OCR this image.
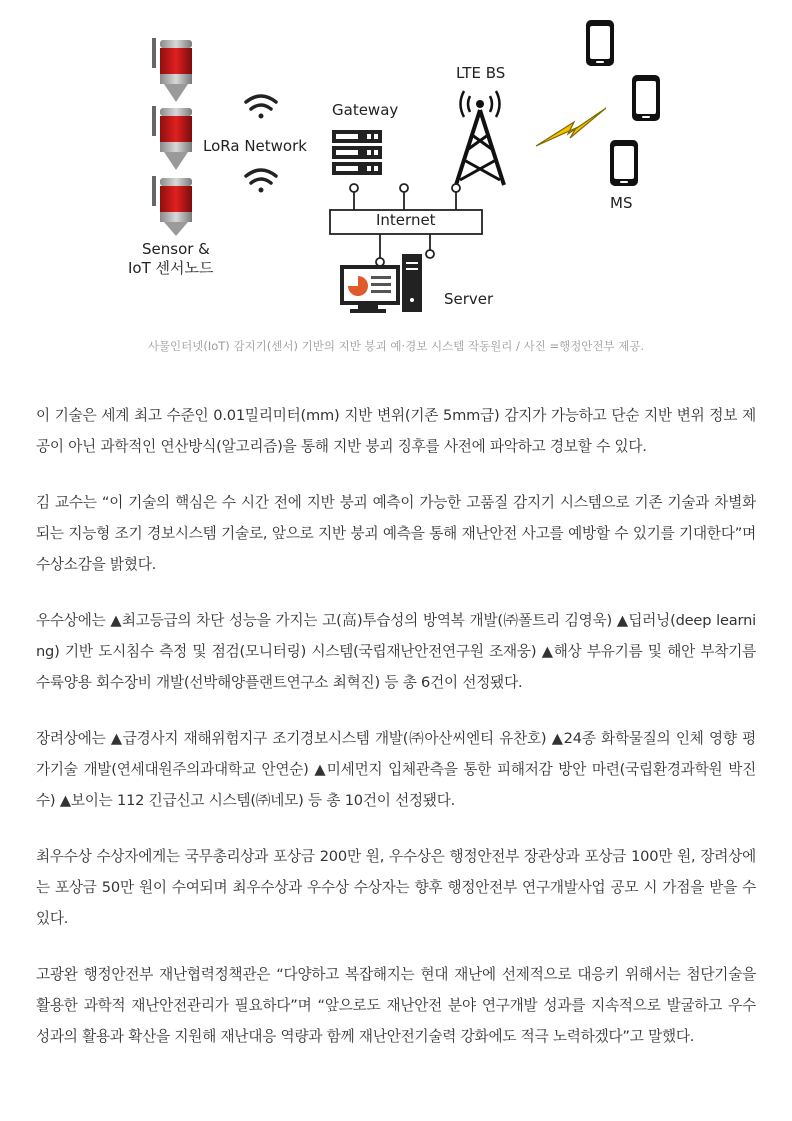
Sensor &
IoT 센서노드
LoRa Network
Gateway
LTE BS
Internet
MS
Server
사물인터넷(IoT) 감지기(센서) 기반의 지반 붕괴 예·경보 시스템 작동원리 / 사진 =행정안전부 제공.

이 기술은 세계 최고 수준인 0.01밀리미터(mm) 지반 변위(기존 5mm급) 감지가 가능하고 단순 지반 변위 정보 제공이 아닌 과학적인 연산방식(알고리즘)을 통해 지반 붕괴 징후를 사전에 파악하고 경보할 수 있다.

김 교수는 “이 기술의 핵심은 수 시간 전에 지반 붕괴 예측이 가능한 고품질 감지기 시스템으로 기존 기술과 차별화되는 지능형 조기 경보시스템 기술로, 앞으로 지반 붕괴 예측을 통해 재난안전 사고를 예방할 수 있기를 기대한다”며 수상소감을 밝혔다.

우수상에는 ▲최고등급의 차단 성능을 가지는 고(高)투습성의 방역복 개발(㈜폴트리 김영욱) ▲딥러닝(deep learning) 기반 도시침수 측정 및 점검(모니터링) 시스템(국립재난안전연구원 조재웅) ▲해상 부유기름 및 해안 부착기름 수륙양용 회수장비 개발(선박해양플랜트연구소 최혁진) 등 총 6건이 선정됐다.

장려상에는 ▲급경사지 재해위험지구 조기경보시스템 개발(㈜아산씨엔티 유찬호) ▲24종 화학물질의 인체 영향 평가기술 개발(연세대원주의과대학교 안연순) ▲미세먼지 입체관측을 통한 피해저감 방안 마련(국립환경과학원 박진수) ▲보이는 112 긴급신고 시스템(㈜네모) 등 총 10건이 선정됐다.

최우수상 수상자에게는 국무총리상과 포상금 200만 원, 우수상은 행정안전부 장관상과 포상금 100만 원, 장려상에는 포상금 50만 원이 수여되며 최우수상과 우수상 수상자는 향후 행정안전부 연구개발사업 공모 시 가점을 받을 수 있다.

고광완 행정안전부 재난협력정책관은 “다양하고 복잡해지는 현대 재난에 선제적으로 대응키 위해서는 첨단기술을 활용한 과학적 재난안전관리가 필요하다”며 “앞으로도 재난안전 분야 연구개발 성과를 지속적으로 발굴하고 우수 성과의 활용과 확산을 지원해 재난대응 역량과 함께 재난안전기술력 강화에도 적극 노력하겠다”고 말했다.
